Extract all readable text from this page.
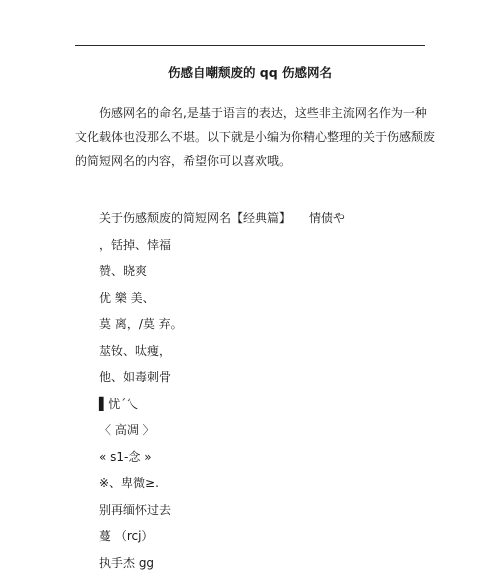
伤感自嘲颓废的 qq 伤感网名
伤感网名的命名,是基于语言的表达，这些非主流网名作为一种
文化载体也没那么不堪。以下就是小编为你精心整理的关于伤感颓废
的简短网名的内容，希望你可以喜欢哦。
关于伤感颓废的简短网名【经典篇】　　情债や
，铦掉、悻福
赞、晓爽
优 樂 美、
莫 离，/莫 弃。
莁钕、呔痩，
他、如毒刺骨
▌忧ˊ乀
〈 高凋 〉
« s1-念 »
※、卑微≥.
别再缅怀过去
蔓 （rcj）
执手杰 gg
